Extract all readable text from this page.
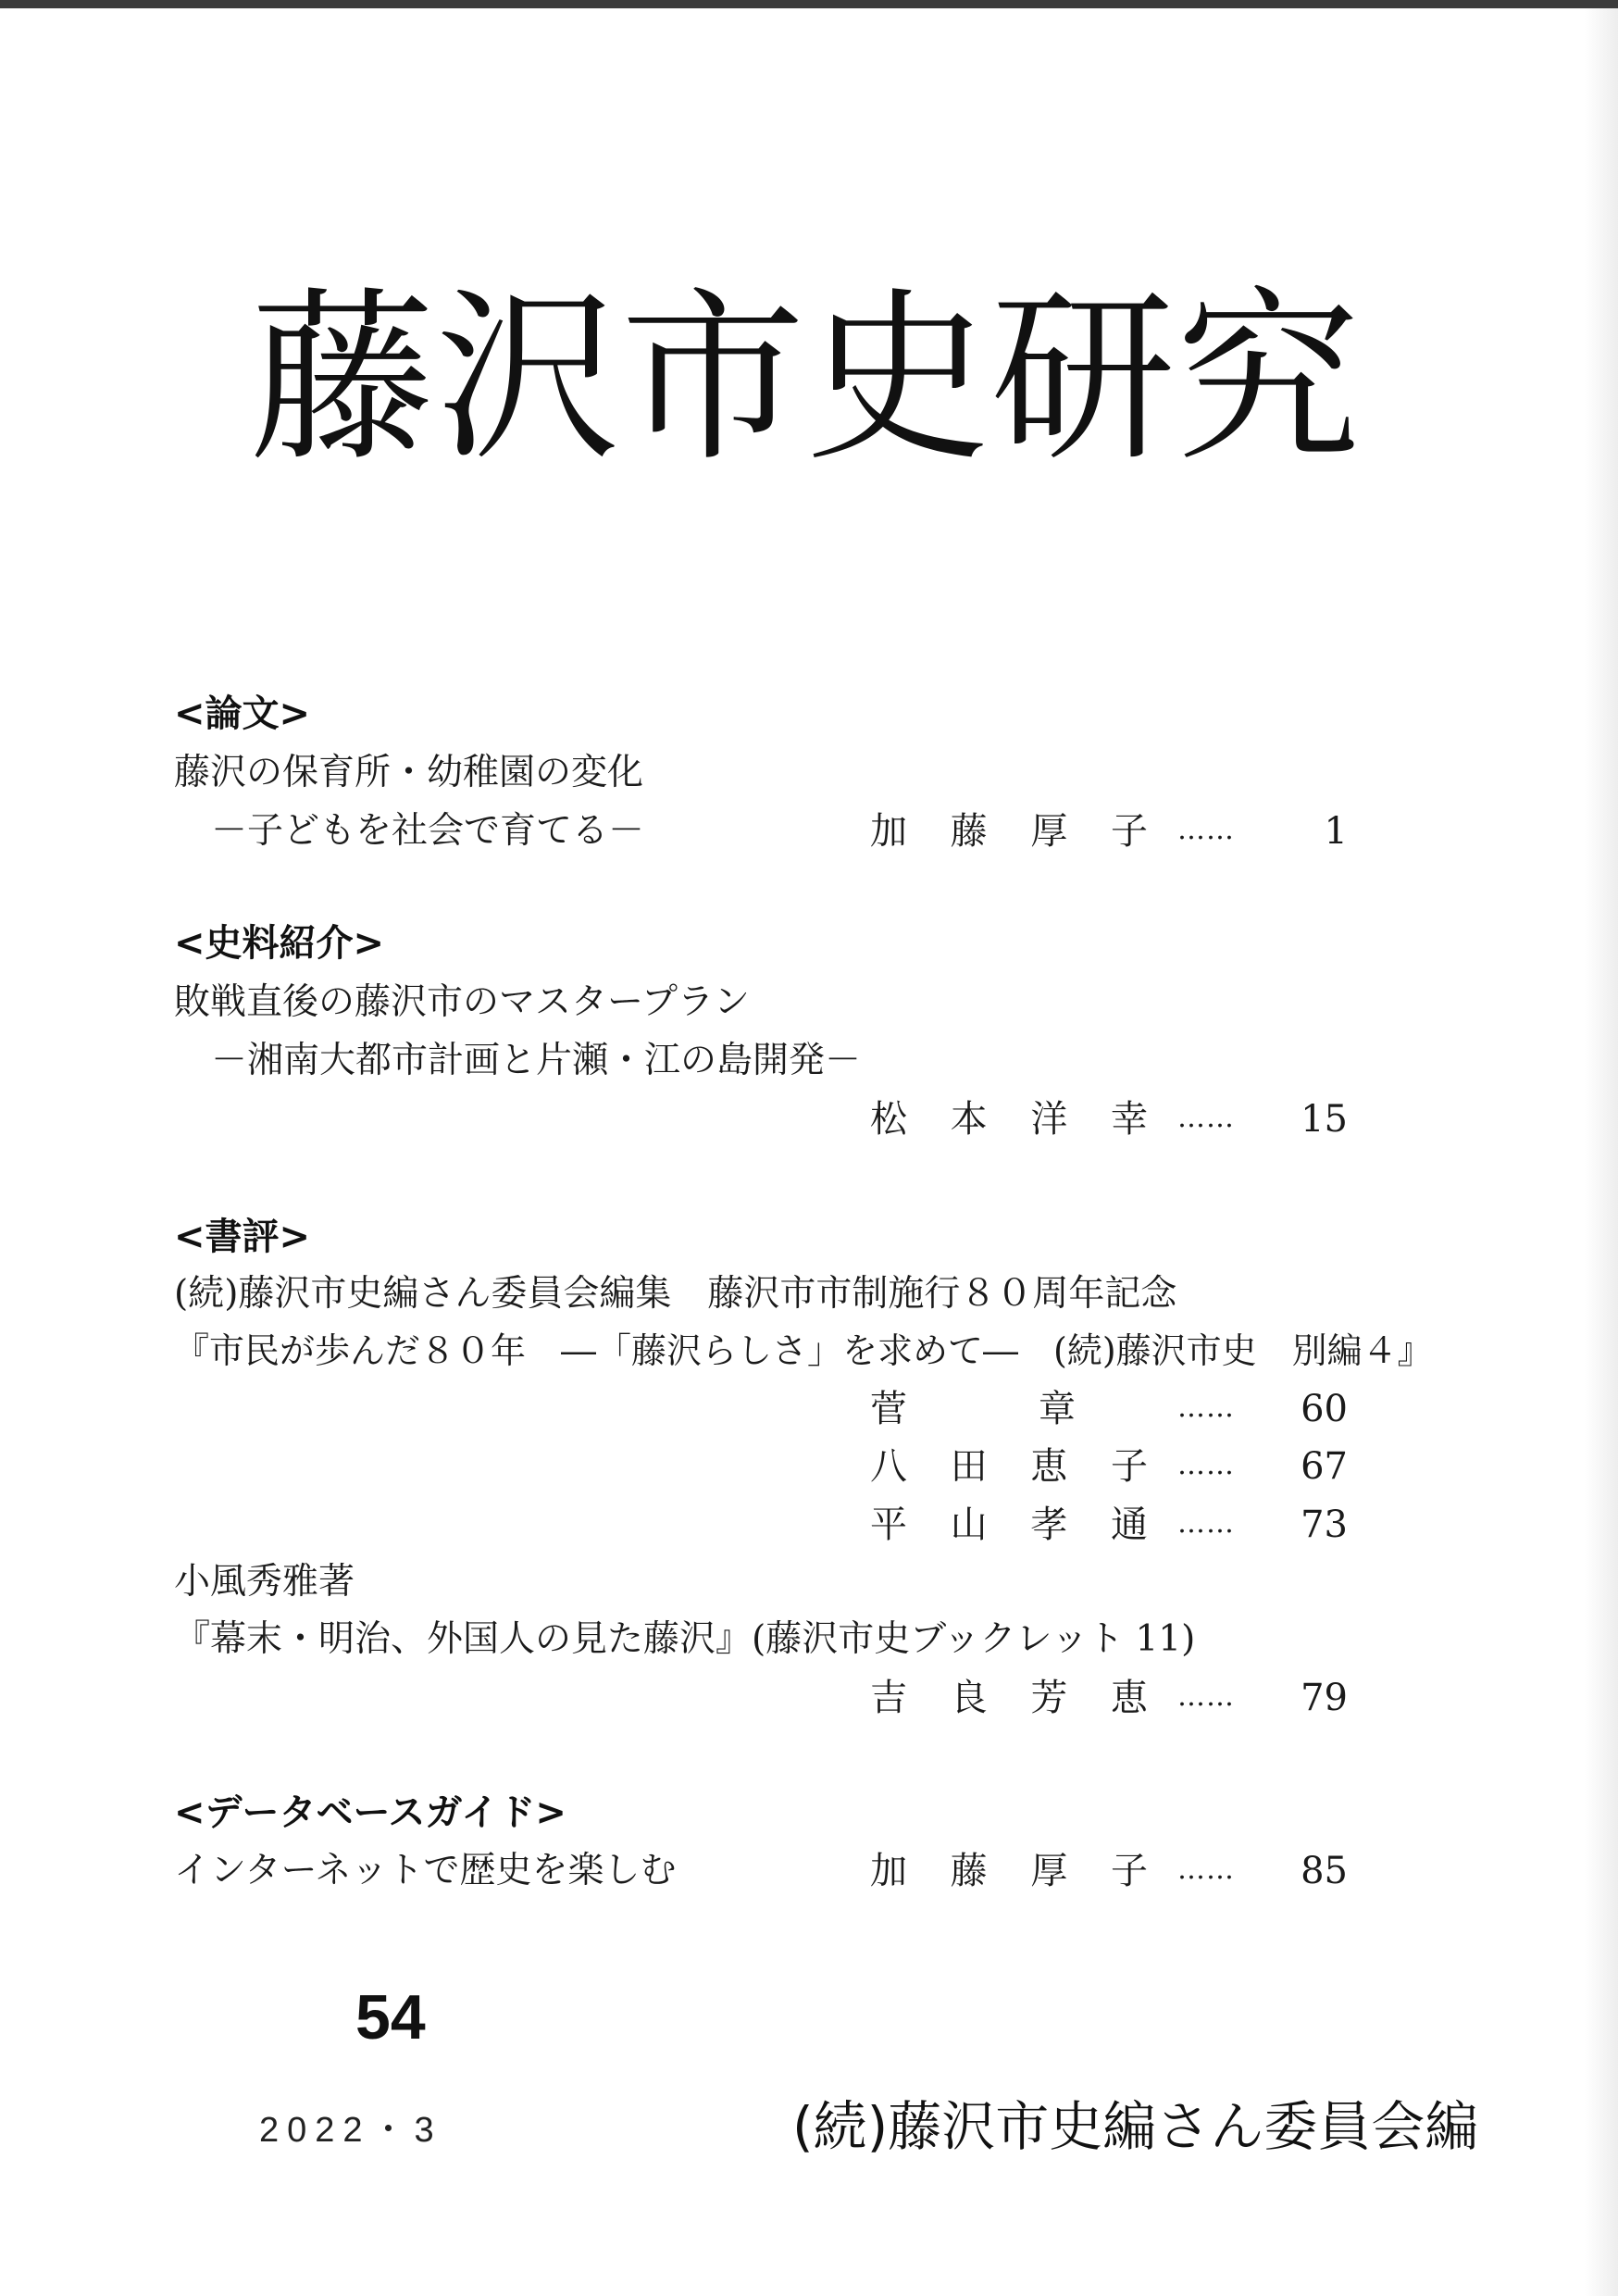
藤 沢 市 史 研 究
<論文>
藤沢の保育所・幼稚園の変化
－子どもを社会で育てる－	加 藤 厚 子 ……	1
<史料紹介>
敗戦直後の藤沢市のマスタープラン
－湘南大都市計画と片瀬・江の島開発－
松 本 洋 幸 ……	15
<書評>
(続)藤沢市史編さん委員会編集　藤沢市市制施行８０周年記念
『市民が歩んだ８０年　―「藤沢らしさ」を求めて―　(続)藤沢市史　別編４』
菅	章	……	60
八 田 恵 子 ……	67
平 山 孝 通 ……	73
小風秀雅著
『幕末・明治、外国人の見た藤沢』(藤沢市史ブックレット 11)
吉 良 芳 恵 ……	79
<データベースガイド>
インターネットで歴史を楽しむ	加 藤 厚 子 ……	85
54
2022・3	(続)藤沢市史編さん委員会編
